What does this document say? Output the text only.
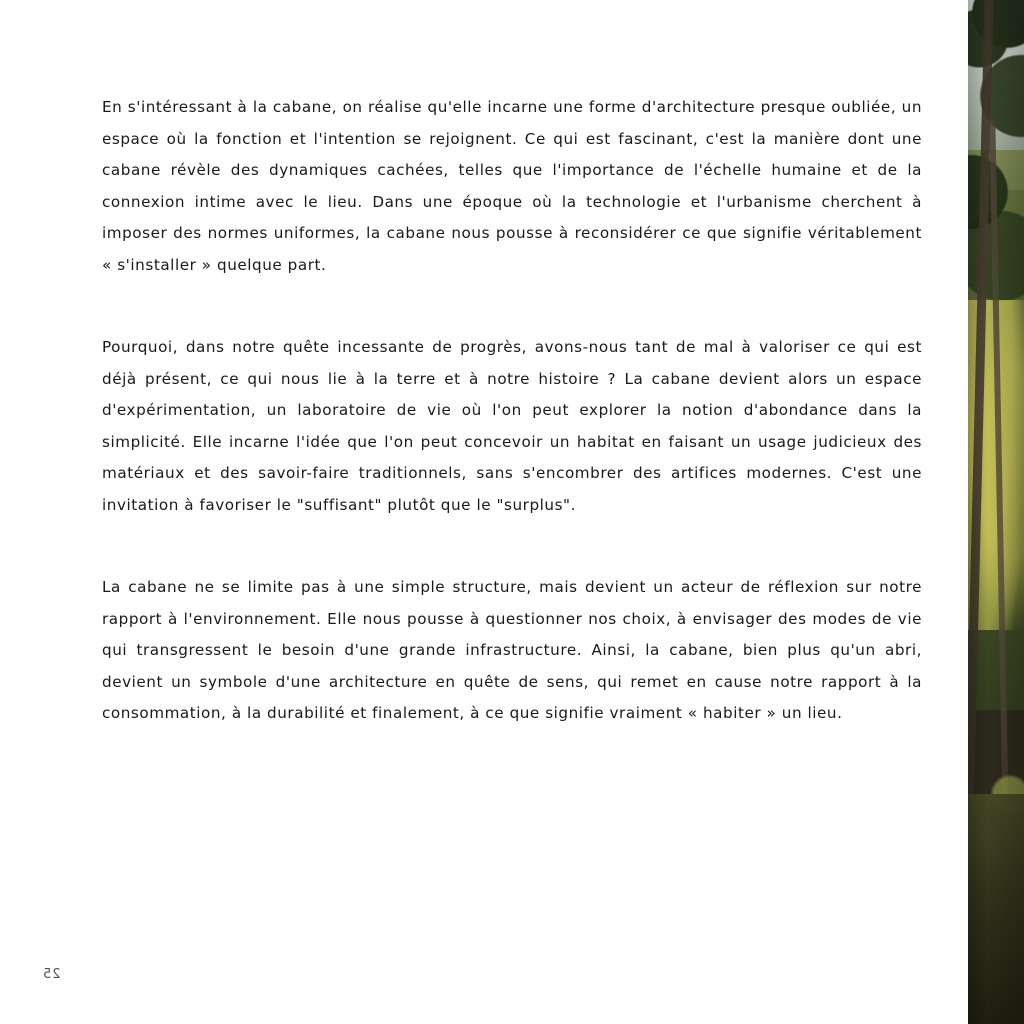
En s'intéressant à la cabane, on réalise qu'elle incarne une forme d'architecture presque oubliée, un espace où la fonction et l'intention se rejoignent. Ce qui est fascinant, c'est la manière dont une cabane révèle des dynamiques cachées, telles que l'importance de l'échelle humaine et de la connexion intime avec le lieu. Dans une époque où la technologie et l'urbanisme cherchent à imposer des normes uniformes, la cabane nous pousse à reconsidérer ce que signifie véritablement « s'installer » quelque part.

Pourquoi, dans notre quête incessante de progrès, avons-nous tant de mal à valoriser ce qui est déjà présent, ce qui nous lie à la terre et à notre histoire ? La cabane devient alors un espace d'expérimentation, un laboratoire de vie où l'on peut explorer la notion d'abondance dans la simplicité. Elle incarne l'idée que l'on peut concevoir un habitat en faisant un usage judicieux des matériaux et des savoir-faire traditionnels, sans s'encombrer des artifices modernes. C'est une invitation à favoriser le "suffisant" plutôt que le "surplus".

La cabane ne se limite pas à une simple structure, mais devient un acteur de réflexion sur notre rapport à l'environnement. Elle nous pousse à questionner nos choix, à envisager des modes de vie qui transgressent le besoin d'une grande infrastructure. Ainsi, la cabane, bien plus qu'un abri, devient un symbole d'une architecture en quête de sens, qui remet en cause notre rapport à la consommation, à la durabilité et finalement, à ce que signifie vraiment « habiter » un lieu.

25
